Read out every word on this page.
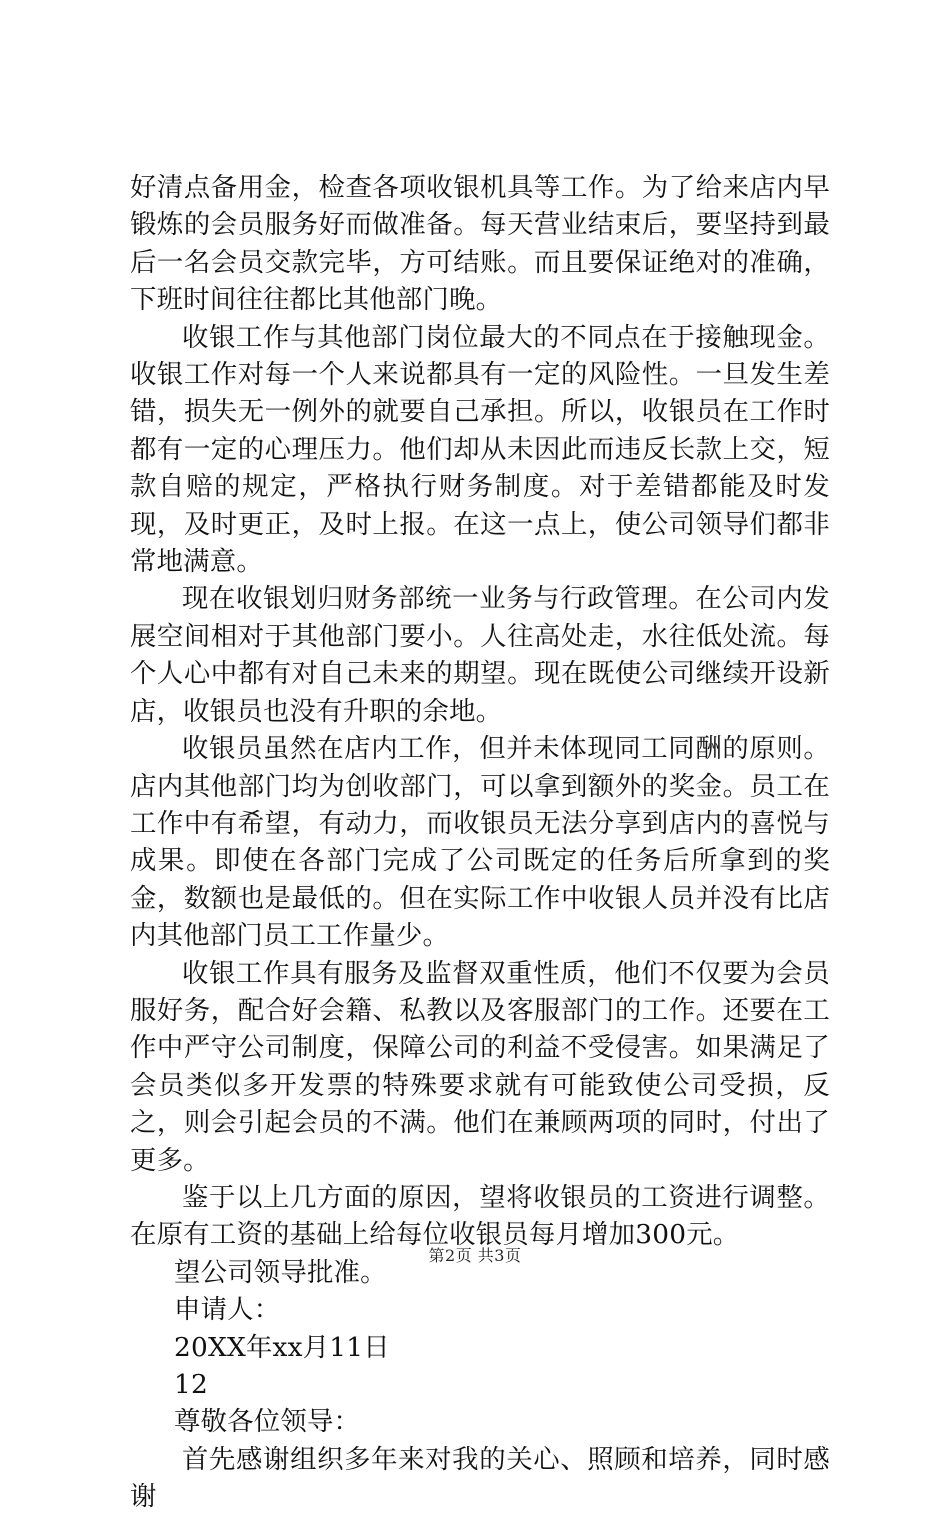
好清点备用金，检查各项收银机具等工作。为了给来店内早锻炼的会员服务好而做准备。每天营业结束后，要坚持到最后一名会员交款完毕，方可结账。而且要保证绝对的准确，下班时间往往都比其他部门晚。

收银工作与其他部门岗位最大的不同点在于接触现金。收银工作对每一个人来说都具有一定的风险性。一旦发生差错，损失无一例外的就要自己承担。所以，收银员在工作时都有一定的心理压力。他们却从未因此而违反长款上交，短款自赔的规定，严格执行财务制度。对于差错都能及时发现，及时更正，及时上报。在这一点上，使公司领导们都非常地满意。

现在收银划归财务部统一业务与行政管理。在公司内发展空间相对于其他部门要小。人往高处走，水往低处流。每个人心中都有对自己未来的期望。现在既使公司继续开设新店，收银员也没有升职的余地。

收银员虽然在店内工作，但并未体现同工同酬的原则。店内其他部门均为创收部门，可以拿到额外的奖金。员工在工作中有希望，有动力，而收银员无法分享到店内的喜悦与成果。即使在各部门完成了公司既定的任务后所拿到的奖金，数额也是最低的。但在实际工作中收银人员并没有比店内其他部门员工工作量少。

收银工作具有服务及监督双重性质，他们不仅要为会员服好务，配合好会籍、私教以及客服部门的工作。还要在工作中严守公司制度，保障公司的利益不受侵害。如果满足了会员类似多开发票的特殊要求就有可能致使公司受损，反之，则会引起会员的不满。他们在兼顾两项的同时，付出了更多。

鉴于以上几方面的原因，望将收银员的工资进行调整。在原有工资的基础上给每位收银员每月增加300元。

望公司领导批准。

申请人：

20XX年xx月11日

12

尊敬各位领导：

首先感谢组织多年来对我的关心、照顾和培养，同时感谢

第2页 共3页
